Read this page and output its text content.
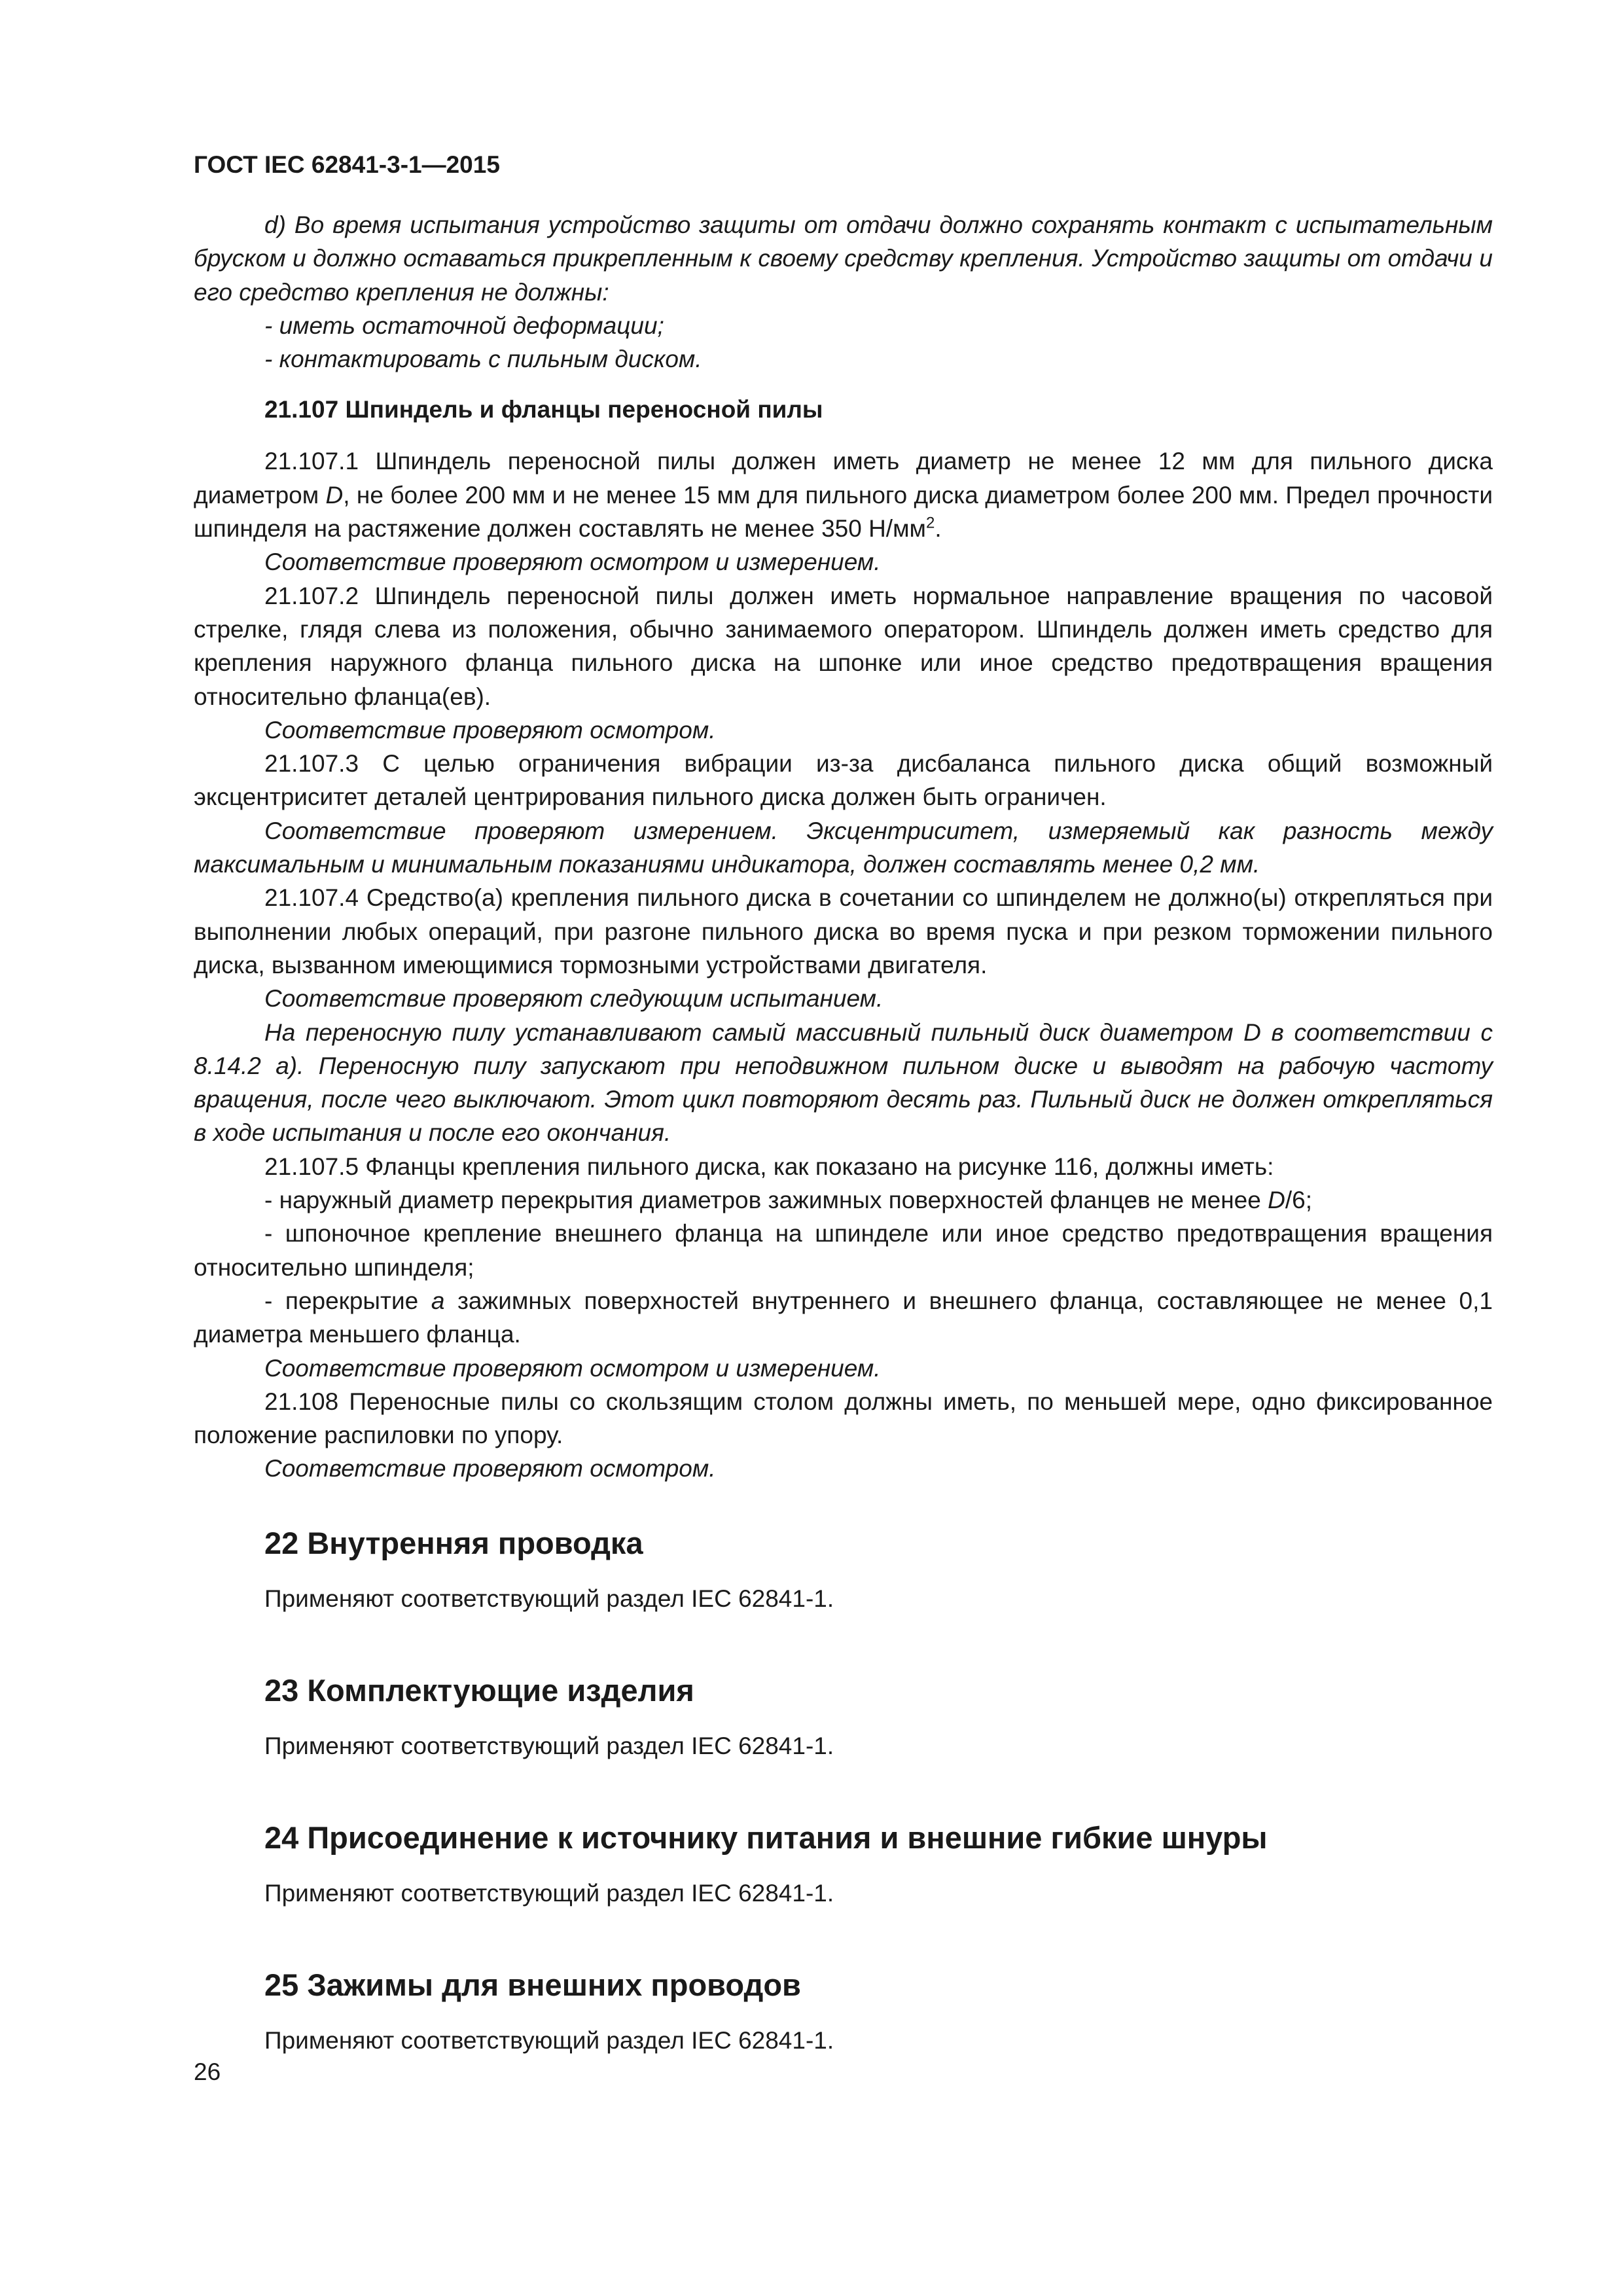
ГОСТ IEC 62841-3-1—2015

d) Во время испытания устройство защиты от отдачи должно сохранять контакт с испытательным бруском и должно оставаться прикрепленным к своему средству крепления. Устройство защиты от отдачи и его средство крепления не должны:

- иметь остаточной деформации;

- контактировать с пильным диском.

21.107 Шпиндель и фланцы переносной пилы

21.107.1 Шпиндель переносной пилы должен иметь диаметр не менее 12 мм для пильного диска диаметром D, не более 200 мм и не менее 15 мм для пильного диска диаметром более 200 мм. Предел прочности шпинделя на растяжение должен составлять не менее 350 $Н/мм^2$.

Соответствие проверяют осмотром и измерением.

21.107.2 Шпиндель переносной пилы должен иметь нормальное направление вращения по часовой стрелке, глядя слева из положения, обычно занимаемого оператором. Шпиндель должен иметь средство для крепления наружного фланца пильного диска на шпонке или иное средство предотвращения вращения относительно фланца(ев).

Соответствие проверяют осмотром.

21.107.3 С целью ограничения вибрации из-за дисбаланса пильного диска общий возможный эксцентриситет деталей центрирования пильного диска должен быть ограничен.

Соответствие проверяют измерением. Эксцентриситет, измеряемый как разность между максимальным и минимальным показаниями индикатора, должен составлять менее 0,2 мм.

21.107.4 Средство(а) крепления пильного диска в сочетании со шпинделем не должно(ы) открепляться при выполнении любых операций, при разгоне пильного диска во время пуска и при резком торможении пильного диска, вызванном имеющимися тормозными устройствами двигателя.

Соответствие проверяют следующим испытанием.

На переносную пилу устанавливают самый массивный пильный диск диаметром D в соответствии с 8.14.2 а). Переносную пилу запускают при неподвижном пильном диске и выводят на рабочую частоту вращения, после чего выключают. Этот цикл повторяют десять раз. Пильный диск не должен открепляться в ходе испытания и после его окончания.

21.107.5 Фланцы крепления пильного диска, как показано на рисунке 116, должны иметь:

- наружный диаметр перекрытия диаметров зажимных поверхностей фланцев не менее D/6;

- шпоночное крепление внешнего фланца на шпинделе или иное средство предотвращения вращения относительно шпинделя;

- перекрытие a зажимных поверхностей внутреннего и внешнего фланца, составляющее не менее 0,1 диаметра меньшего фланца.

Соответствие проверяют осмотром и измерением.

21.108 Переносные пилы со скользящим столом должны иметь, по меньшей мере, одно фиксированное положение распиловки по упору.

Соответствие проверяют осмотром.

22 Внутренняя проводка

Применяют соответствующий раздел IEC 62841-1.

23 Комплектующие изделия

Применяют соответствующий раздел IEC 62841-1.

24 Присоединение к источнику питания и внешние гибкие шнуры

Применяют соответствующий раздел IEC 62841-1.

25 Зажимы для внешних проводов

Применяют соответствующий раздел IEC 62841-1.

26
